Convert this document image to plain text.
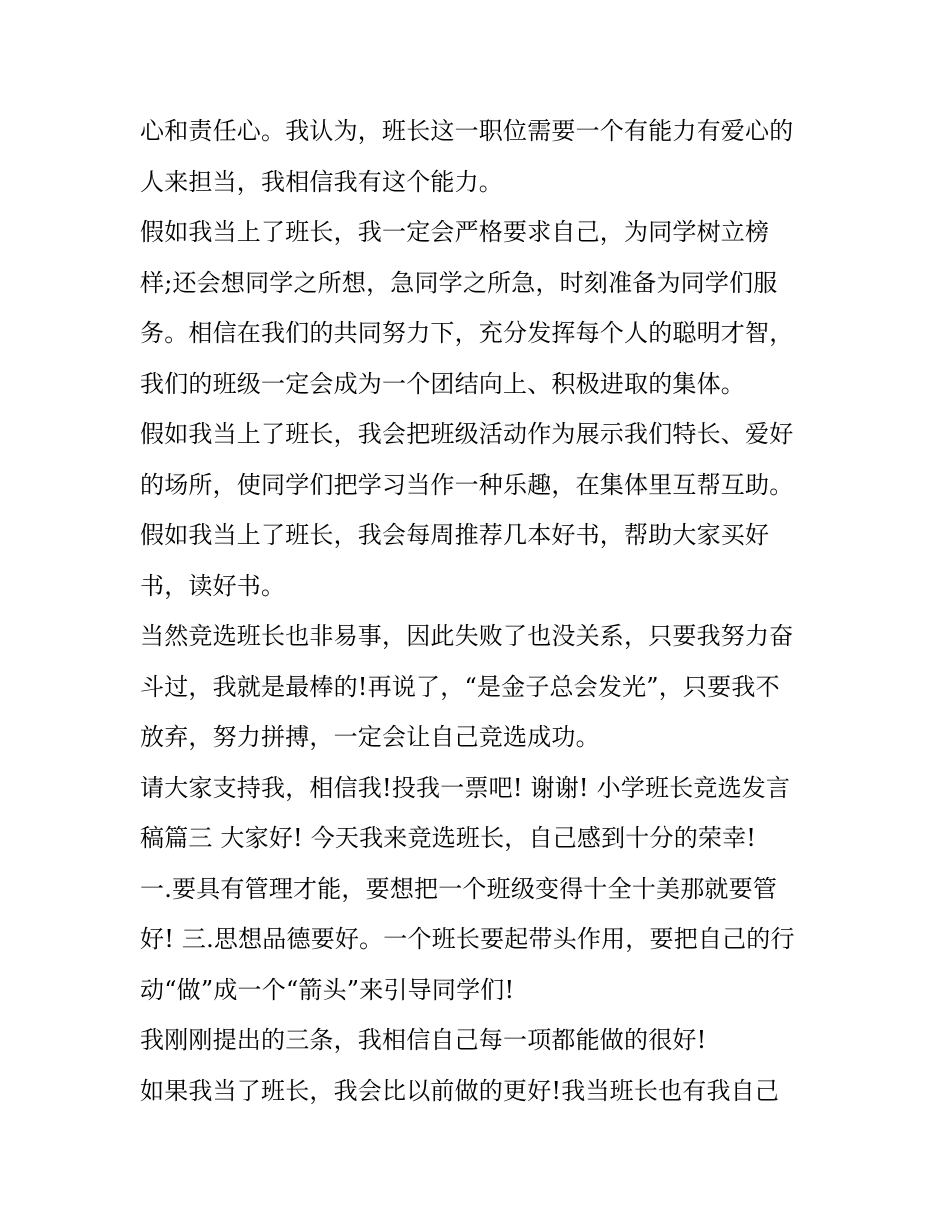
心和责任心。我认为，班长这一职位需要一个有能力有爱心的
人来担当，我相信我有这个能力。
假如我当上了班长，我一定会严格要求自己，为同学树立榜
样;还会想同学之所想，急同学之所急，时刻准备为同学们服
务。相信在我们的共同努力下，充分发挥每个人的聪明才智，
我们的班级一定会成为一个团结向上、积极进取的集体。
假如我当上了班长，我会把班级活动作为展示我们特长、爱好
的场所，使同学们把学习当作一种乐趣，在集体里互帮互助。
假如我当上了班长，我会每周推荐几本好书，帮助大家买好
书，读好书。
当然竞选班长也非易事，因此失败了也没关系，只要我努力奋
斗过，我就是最棒的!再说了，“是金子总会发光”，只要我不
放弃，努力拼搏，一定会让自己竞选成功。
请大家支持我，相信我!投我一票吧! 谢谢! 小学班长竞选发言
稿篇三 大家好! 今天我来竞选班长，自己感到十分的荣幸!
一.要具有管理才能，要想把一个班级变得十全十美那就要管
好! 三.思想品德要好。一个班长要起带头作用，要把自己的行
动“做”成一个“箭头”来引导同学们!
我刚刚提出的三条，我相信自己每一项都能做的很好!
如果我当了班长，我会比以前做的更好!我当班长也有我自己
